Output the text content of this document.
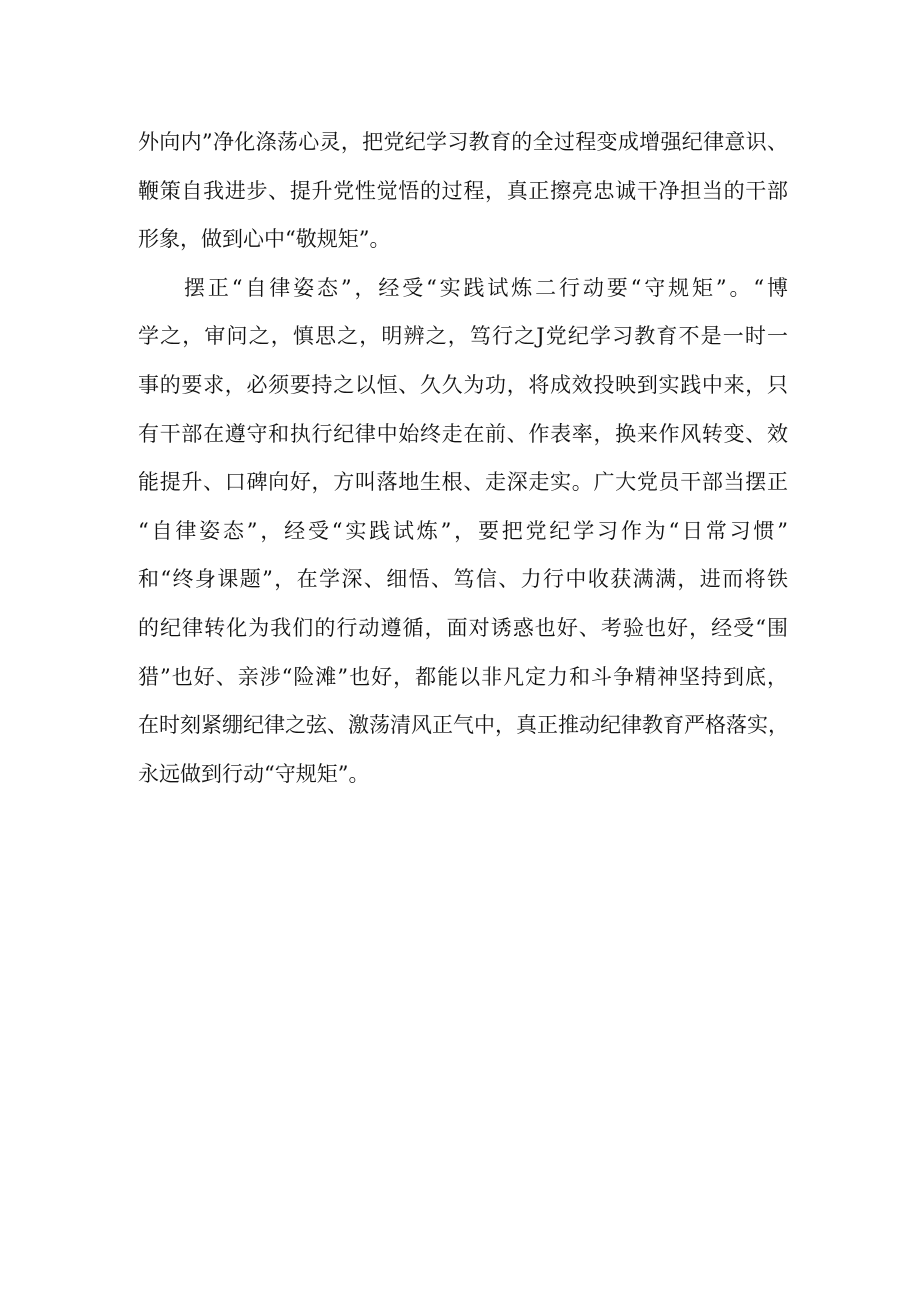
外向内”净化涤荡心灵，把党纪学习教育的全过程变成增强纪律意识、
鞭策自我进步、提升党性觉悟的过程，真正擦亮忠诚干净担当的干部
形象，做到心中“敬规矩”。
摆正“自律姿态”，经受“实践试炼二行动要“守规矩”。“博
学之，审问之，慎思之，明辨之，笃行之J党纪学习教育不是一时一
事的要求，必须要持之以恒、久久为功，将成效投映到实践中来，只
有干部在遵守和执行纪律中始终走在前、作表率，换来作风转变、效
能提升、口碑向好，方叫落地生根、走深走实。广大党员干部当摆正
“自律姿态”，经受“实践试炼”，要把党纪学习作为“日常习惯”
和“终身课题”，在学深、细悟、笃信、力行中收获满满，进而将铁
的纪律转化为我们的行动遵循，面对诱惑也好、考验也好，经受“围
猎”也好、亲涉“险滩”也好，都能以非凡定力和斗争精神坚持到底，
在时刻紧绷纪律之弦、激荡清风正气中，真正推动纪律教育严格落实，
永远做到行动“守规矩”。
